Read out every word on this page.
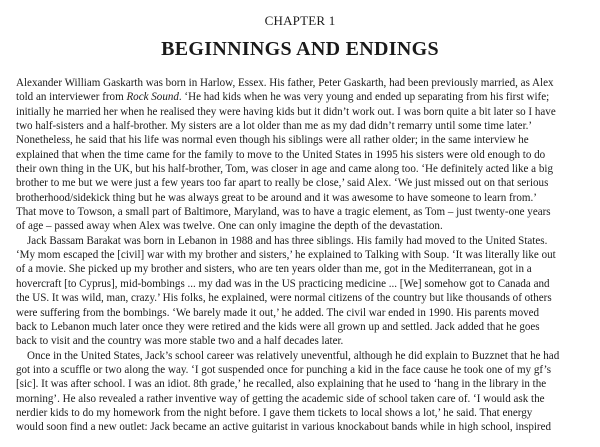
CHAPTER 1
BEGINNINGS AND ENDINGS
Alexander William Gaskarth was born in Harlow, Essex. His father, Peter Gaskarth, had been previously married, as Alex
told an interviewer from Rock Sound. ‘He had kids when he was very young and ended up separating from his first wife;
initially he married her when he realised they were having kids but it didn’t work out. I was born quite a bit later so I have
two half-sisters and a half-brother. My sisters are a lot older than me as my dad didn’t remarry until some time later.’
Nonetheless, he said that his life was normal even though his siblings were all rather older; in the same interview he
explained that when the time came for the family to move to the United States in 1995 his sisters were old enough to do
their own thing in the UK, but his half-brother, Tom, was closer in age and came along too. ‘He definitely acted like a big
brother to me but we were just a few years too far apart to really be close,’ said Alex. ‘We just missed out on that serious
brotherhood/sidekick thing but he was always great to be around and it was awesome to have someone to learn from.’
That move to Towson, a small part of Baltimore, Maryland, was to have a tragic element, as Tom – just twenty-one years
of age – passed away when Alex was twelve. One can only imagine the depth of the devastation.
Jack Bassam Barakat was born in Lebanon in 1988 and has three siblings. His family had moved to the United States.
‘My mom escaped the [civil] war with my brother and sisters,’ he explained to Talking with Soup. ‘It was literally like out
of a movie. She picked up my brother and sisters, who are ten years older than me, got in the Mediterranean, got in a
hovercraft [to Cyprus], mid-bombings ... my dad was in the US practicing medicine ... [We] somehow got to Canada and
the US. It was wild, man, crazy.’ His folks, he explained, were normal citizens of the country but like thousands of others
were suffering from the bombings. ‘We barely made it out,’ he added. The civil war ended in 1990. His parents moved
back to Lebanon much later once they were retired and the kids were all grown up and settled. Jack added that he goes
back to visit and the country was more stable two and a half decades later.
Once in the United States, Jack’s school career was relatively uneventful, although he did explain to Buzznet that he had
got into a scuffle or two along the way. ‘I got suspended once for punching a kid in the face cause he took one of my gf’s
[sic]. It was after school. I was an idiot. 8th grade,’ he recalled, also explaining that he used to ‘hang in the library in the
morning’. He also revealed a rather inventive way of getting the academic side of school taken care of. ‘I would ask the
nerdier kids to do my homework from the night before. I gave them tickets to local shows a lot,’ he said. That energy
would soon find a new outlet: Jack became an active guitarist in various knockabout bands while in high school, inspired
